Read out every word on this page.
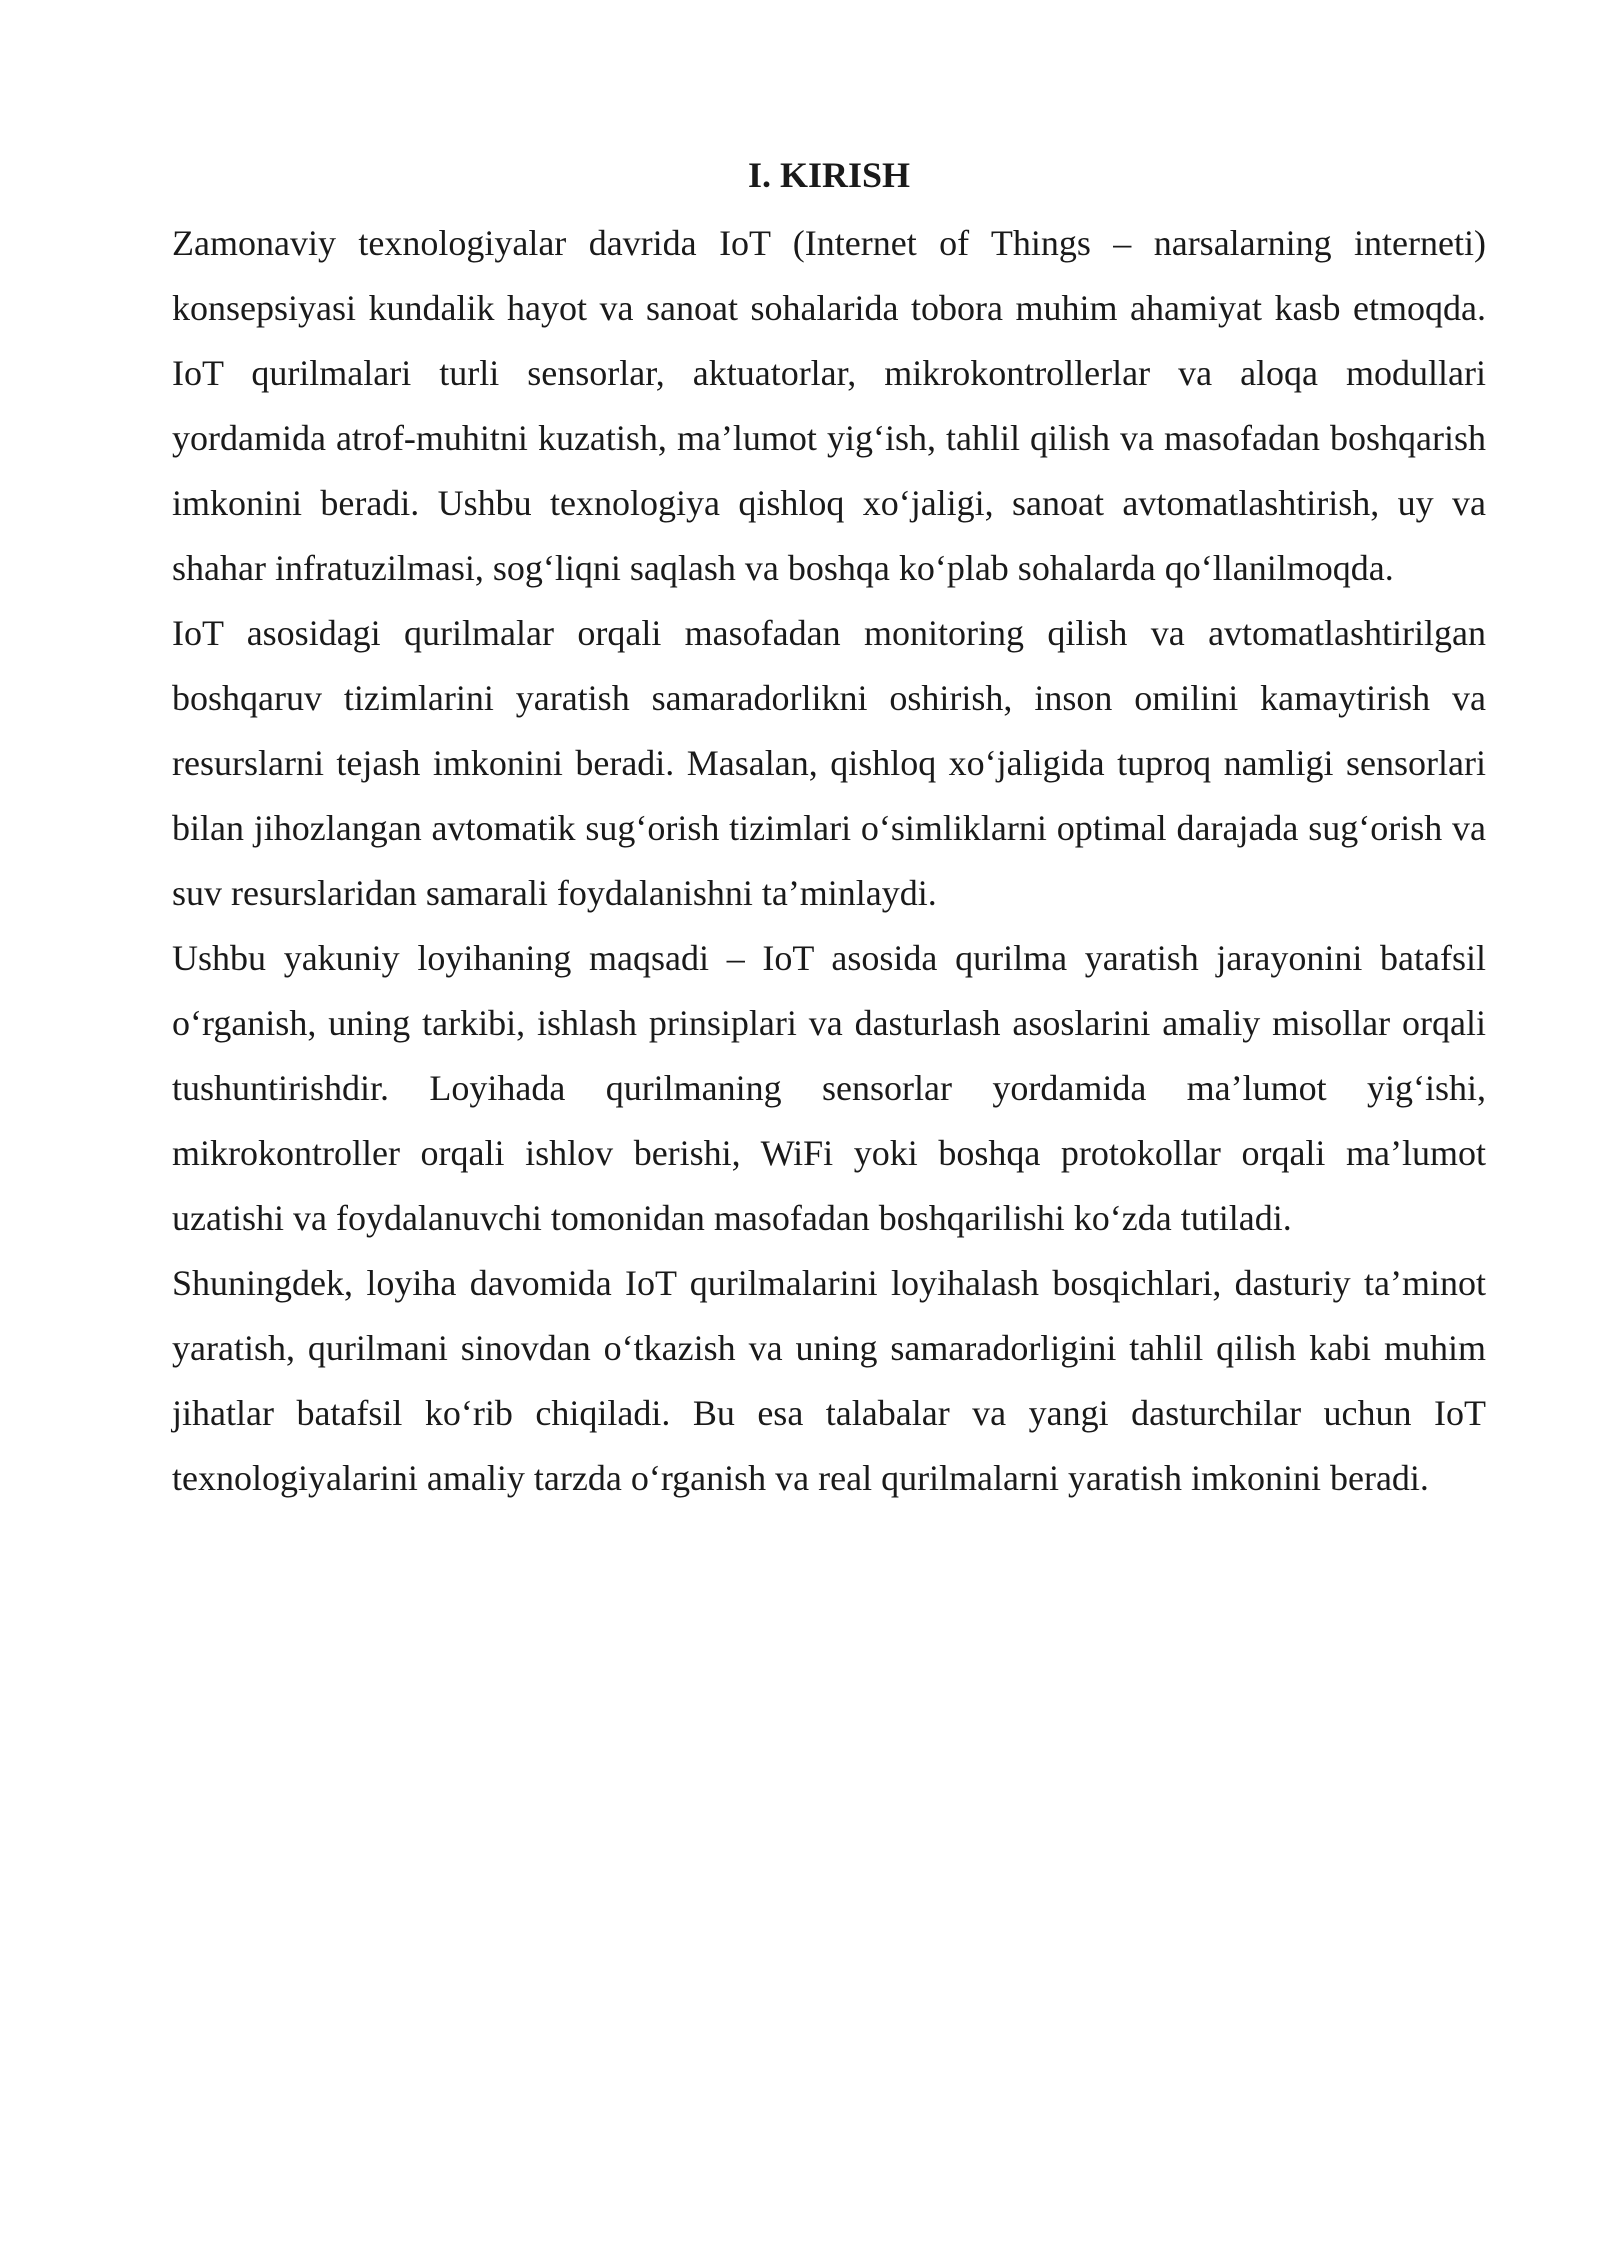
I. KIRISH

Zamonaviy texnologiyalar davrida IoT (Internet of Things – narsalarning interneti) konsepsiyasi kundalik hayot va sanoat sohalarida tobora muhim ahamiyat kasb etmoqda. IoT qurilmalari turli sensorlar, aktuatorlar, mikrokontrollerlar va aloqa modullari yordamida atrof-muhitni kuzatish, ma’lumot yig‘ish, tahlil qilish va masofadan boshqarish imkonini beradi. Ushbu texnologiya qishloq xo‘jaligi, sanoat avtomatlashtirish, uy va shahar infratuzilmasi, sog‘liqni saqlash va boshqa ko‘plab sohalarda qo‘llanilmoqda.

IoT asosidagi qurilmalar orqali masofadan monitoring qilish va avtomatlashtirilgan boshqaruv tizimlarini yaratish samaradorlikni oshirish, inson omilini kamaytirish va resurslarni tejash imkonini beradi. Masalan, qishloq xo‘jaligida tuproq namligi sensorlari bilan jihozlangan avtomatik sug‘orish tizimlari o‘simliklarni optimal darajada sug‘orish va suv resurslaridan samarali foydalanishni ta’minlaydi.

Ushbu yakuniy loyihaning maqsadi – IoT asosida qurilma yaratish jarayonini batafsil o‘rganish, uning tarkibi, ishlash prinsiplari va dasturlash asoslarini amaliy misollar orqali tushuntirishdir. Loyihada qurilmaning sensorlar yordamida ma’lumot yig‘ishi, mikrokontroller orqali ishlov berishi, WiFi yoki boshqa protokollar orqali ma’lumot uzatishi va foydalanuvchi tomonidan masofadan boshqarilishi ko‘zda tutiladi.

Shuningdek, loyiha davomida IoT qurilmalarini loyihalash bosqichlari, dasturiy ta’minot yaratish, qurilmani sinovdan o‘tkazish va uning samaradorligini tahlil qilish kabi muhim jihatlar batafsil ko‘rib chiqiladi. Bu esa talabalar va yangi dasturchilar uchun IoT texnologiyalarini amaliy tarzda o‘rganish va real qurilmalarni yaratish imkonini beradi.
